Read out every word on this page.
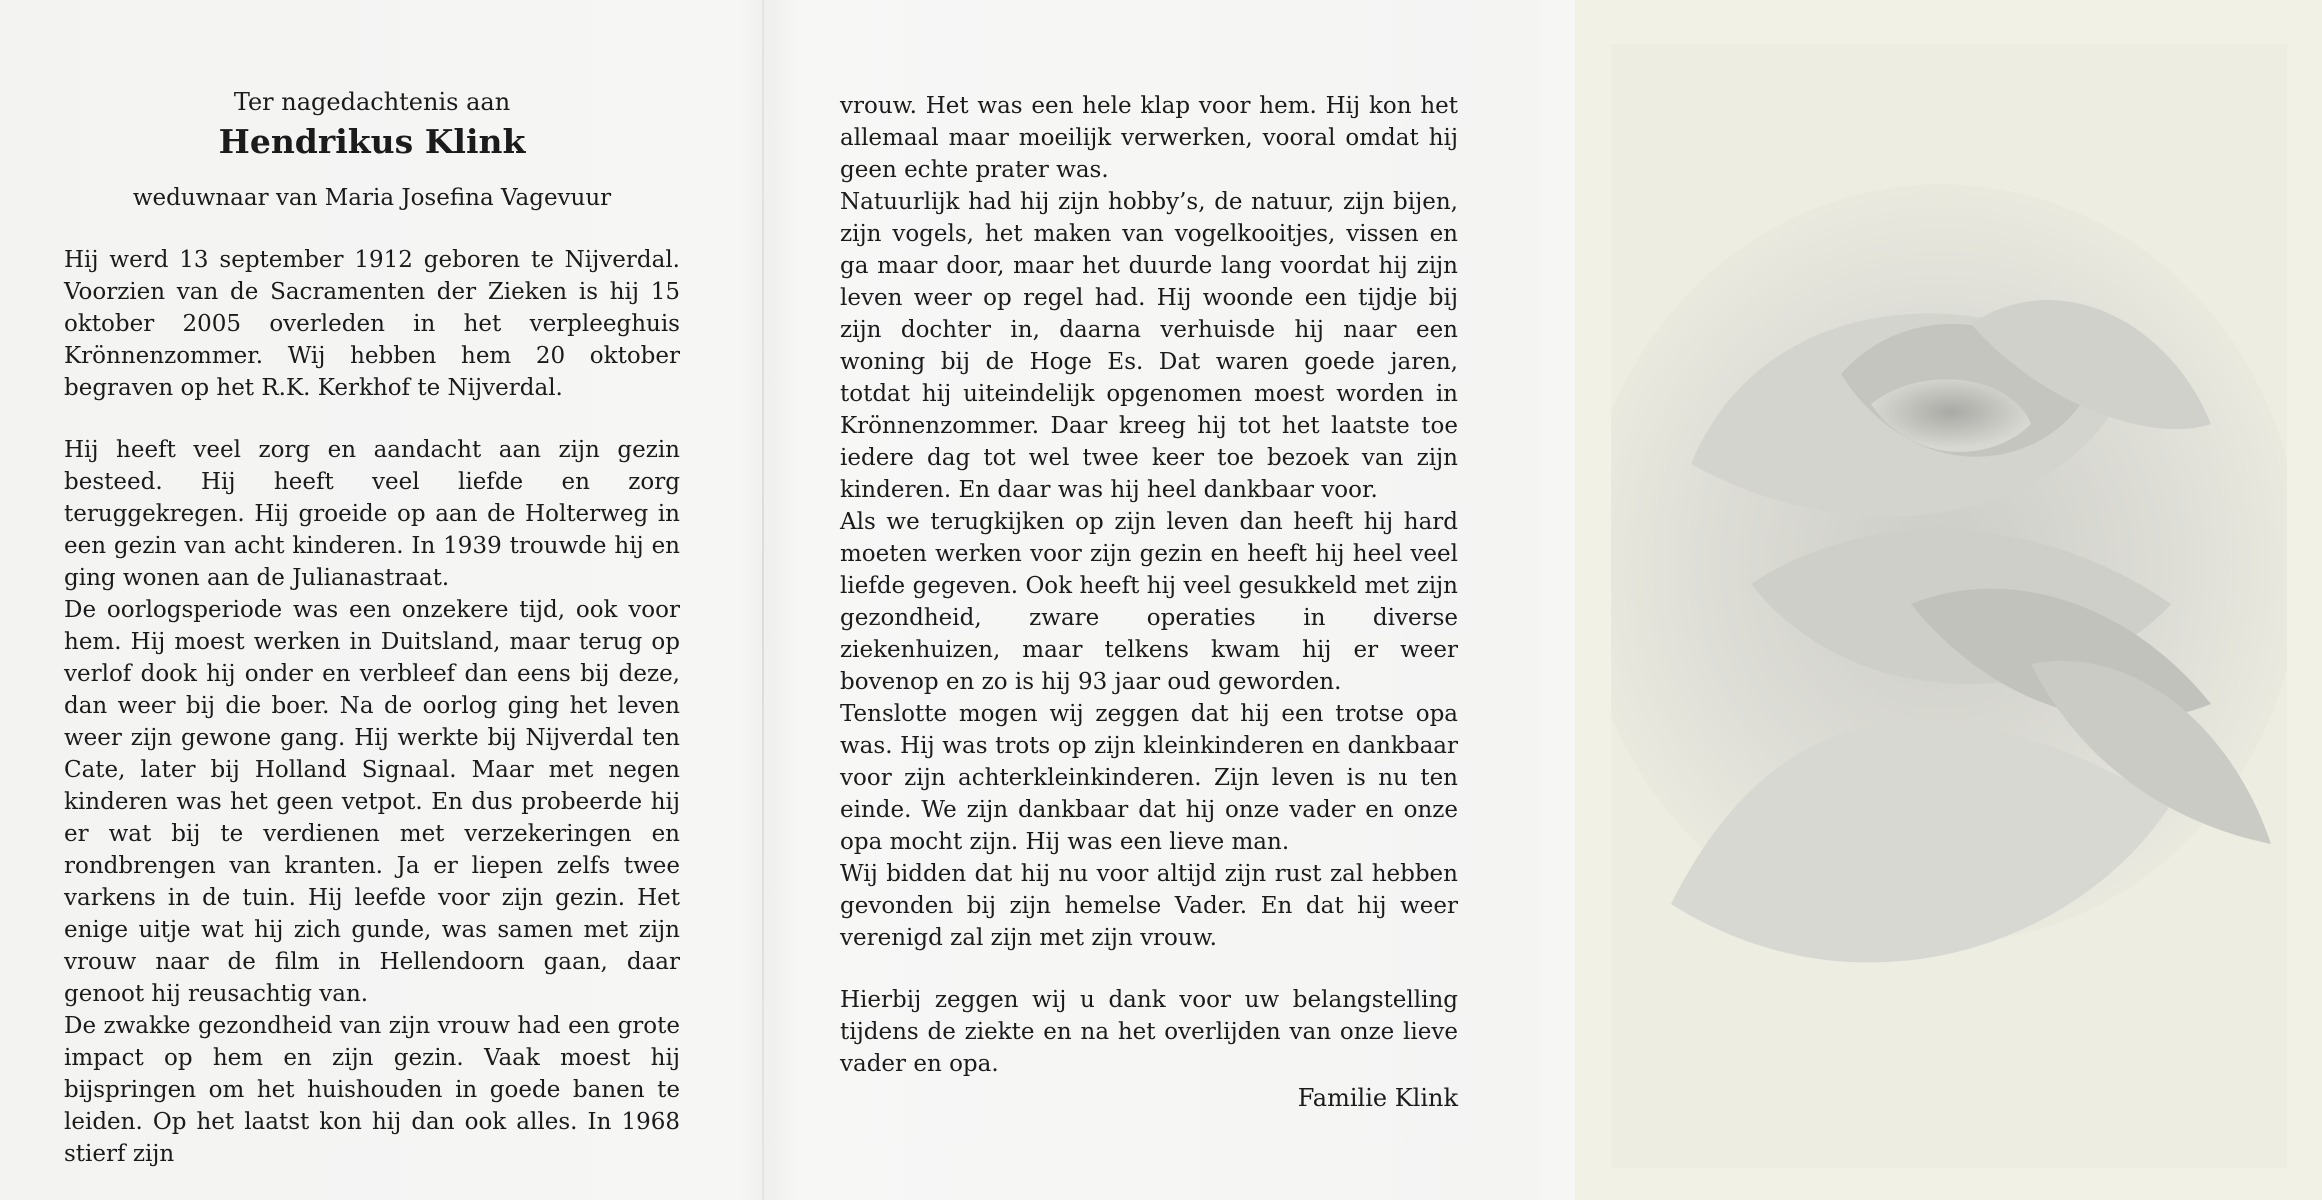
Ter nagedachtenis aan
Hendrikus Klink
weduwnaar van Maria Josefina Vagevuur

Hij werd 13 september 1912 geboren te Nijverdal. Voorzien van de Sacramenten der Zieken is hij 15 oktober 2005 overleden in het verpleeghuis Krönnenzommer. Wij hebben hem 20 oktober begraven op het R.K. Kerkhof te Nijverdal.

Hij heeft veel zorg en aandacht aan zijn gezin besteed. Hij heeft veel liefde en zorg teruggekregen. Hij groeide op aan de Holterweg in een gezin van acht kinderen. In 1939 trouwde hij en ging wonen aan de Julianastraat.

De oorlogsperiode was een onzekere tijd, ook voor hem. Hij moest werken in Duitsland, maar terug op verlof dook hij onder en verbleef dan eens bij deze, dan weer bij die boer. Na de oorlog ging het leven weer zijn gewone gang. Hij werkte bij Nijverdal ten Cate, later bij Holland Signaal. Maar met negen kinderen was het geen vetpot. En dus probeerde hij er wat bij te verdienen met verzekeringen en rondbrengen van kranten. Ja er liepen zelfs twee varkens in de tuin. Hij leefde voor zijn gezin. Het enige uitje wat hij zich gunde, was samen met zijn vrouw naar de film in Hellendoorn gaan, daar genoot hij reusachtig van.

De zwakke gezondheid van zijn vrouw had een grote impact op hem en zijn gezin. Vaak moest hij bijspringen om het huishouden in goede banen te leiden. Op het laatst kon hij dan ook alles. In 1968 stierf zijn

vrouw. Het was een hele klap voor hem. Hij kon het allemaal maar moeilijk verwerken, vooral omdat hij geen echte prater was.

Natuurlijk had hij zijn hobby’s, de natuur, zijn bijen, zijn vogels, het maken van vogelkooitjes, vissen en ga maar door, maar het duurde lang voordat hij zijn leven weer op regel had. Hij woonde een tijdje bij zijn dochter in, daarna verhuisde hij naar een woning bij de Hoge Es. Dat waren goede jaren, totdat hij uiteindelijk opgenomen moest worden in Krönnenzommer. Daar kreeg hij tot het laatste toe iedere dag tot wel twee keer toe bezoek van zijn kinderen. En daar was hij heel dankbaar voor.

Als we terugkijken op zijn leven dan heeft hij hard moeten werken voor zijn gezin en heeft hij heel veel liefde gegeven. Ook heeft hij veel gesukkeld met zijn gezondheid, zware operaties in diverse ziekenhuizen, maar telkens kwam hij er weer bovenop en zo is hij 93 jaar oud geworden.

Tenslotte mogen wij zeggen dat hij een trotse opa was. Hij was trots op zijn kleinkinderen en dankbaar voor zijn achterkleinkinderen. Zijn leven is nu ten einde. We zijn dankbaar dat hij onze vader en onze opa mocht zijn. Hij was een lieve man.

Wij bidden dat hij nu voor altijd zijn rust zal hebben gevonden bij zijn hemelse Vader. En dat hij weer verenigd zal zijn met zijn vrouw.

Hierbij zeggen wij u dank voor uw belangstelling tijdens de ziekte en na het overlijden van onze lieve vader en opa.

Familie Klink
